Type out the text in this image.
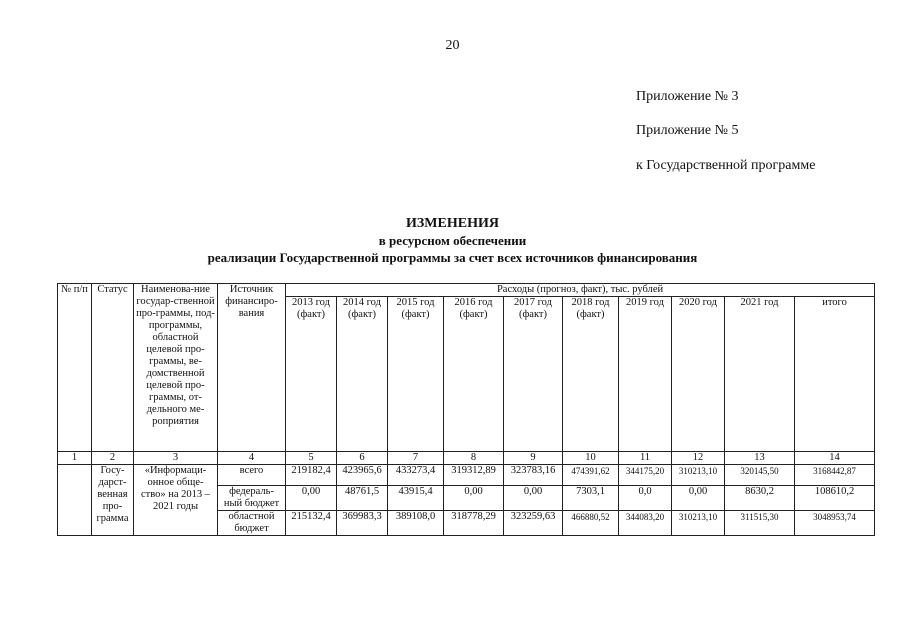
20
Приложение № 3
Приложение № 5
к Государственной программе
ИЗМЕНЕНИЯ
в ресурсном обеспечении
реализации Государственной программы за счет всех источников финансирования
№ п/п	Статус	Наименова-ние государ-ственной про-граммы, под-программы, областной целевой про-граммы, ве-домственной целевой про-граммы, от-дельного ме-роприятия	Источник финансиро-вания	Расходы (прогноз, факт), тыс. рублей									
				2013 год (факт)	2014 год (факт)	2015 год (факт)	2016 год (факт)	2017 год (факт)	2018 год (факт)	2019 год	2020 год	2021 год	итого
1	2	3	4	5	6	7	8	9	10	11	12	13	14
	Госу-дарст-венная про-грамма	«Информаци-онное обще-ство» на 2013 – 2021 годы	всего	219182,4	423965,6	433273,4	319312,89	323783,16	474391,62	344175,20	310213,10	320145,50	3168442,87
			федераль-ный бюджет	0,00	48761,5	43915,4	0,00	0,00	7303,1	0,0	0,00	8630,2	108610,2
			областной бюджет	215132,4	369983,3	389108,0	318778,29	323259,63	466880,52	344083,20	310213,10	311515,30	3048953,74
